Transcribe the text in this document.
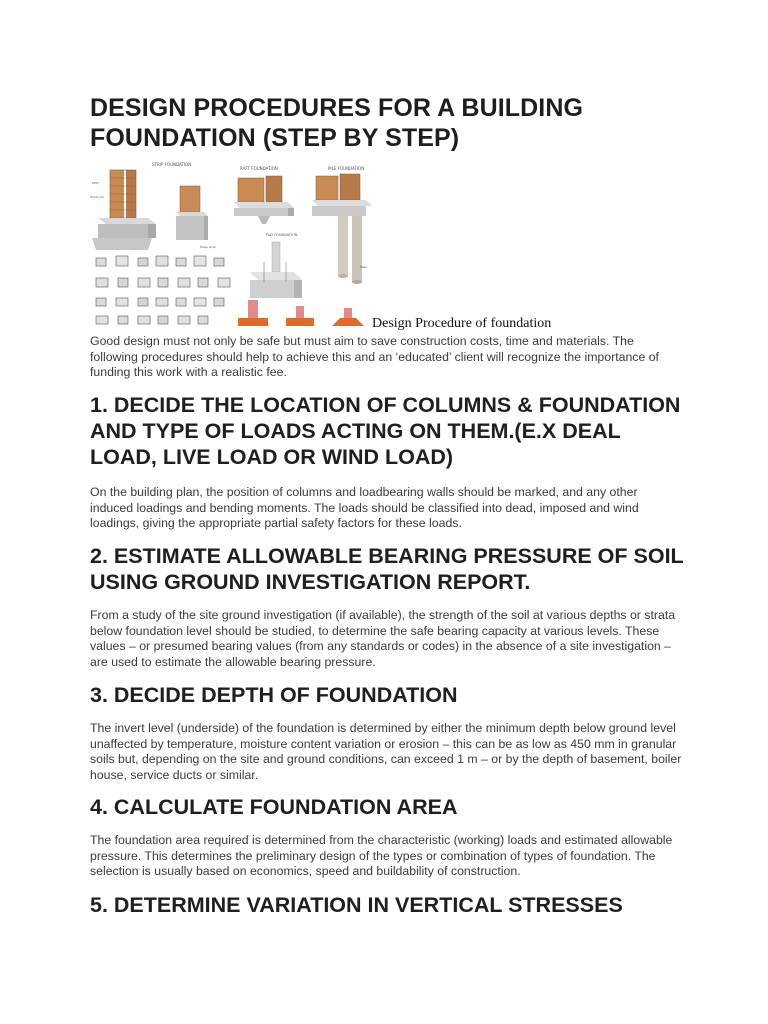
DESIGN PROCEDURES FOR A BUILDING FOUNDATION (STEP BY STEP)
STRIP FOUNDATION
DPM
Hardcore
Deep strip
RAFT FOUNDATION	PILE FOUNDATION
Piles
PAD FOUNDATION
Design Procedure of foundation

Good design must not only be safe but must aim to save construction costs, time and materials. The following procedures should help to achieve this and an ‘educated’ client will recognize the importance of funding this work with a realistic fee.

1. DECIDE THE LOCATION OF COLUMNS & FOUNDATION AND TYPE OF LOADS ACTING ON THEM.(E.X DEAL LOAD, LIVE LOAD OR WIND LOAD)

On the building plan, the position of columns and loadbearing walls should be marked, and any other induced loadings and bending moments. The loads should be classified into dead, imposed and wind loadings, giving the appropriate partial safety factors for these loads.

2. ESTIMATE ALLOWABLE BEARING PRESSURE OF SOIL USING GROUND INVESTIGATION REPORT.

From a study of the site ground investigation (if available), the strength of the soil at various depths or strata below foundation level should be studied, to determine the safe bearing capacity at various levels. These values – or presumed bearing values (from any standards or codes) in the absence of a site investigation – are used to estimate the allowable bearing pressure.

3. DECIDE DEPTH OF FOUNDATION

The invert level (underside) of the foundation is determined by either the minimum depth below ground level unaffected by temperature, moisture content variation or erosion – this can be as low as 450 mm in granular soils but, depending on the site and ground conditions, can exceed 1 m – or by the depth of basement, boiler house, service ducts or similar.

4. CALCULATE FOUNDATION AREA

The foundation area required is determined from the characteristic (working) loads and estimated allowable pressure. This determines the preliminary design of the types or combination of types of foundation. The selection is usually based on economics, speed and buildability of construction.

5. DETERMINE VARIATION IN VERTICAL STRESSES
